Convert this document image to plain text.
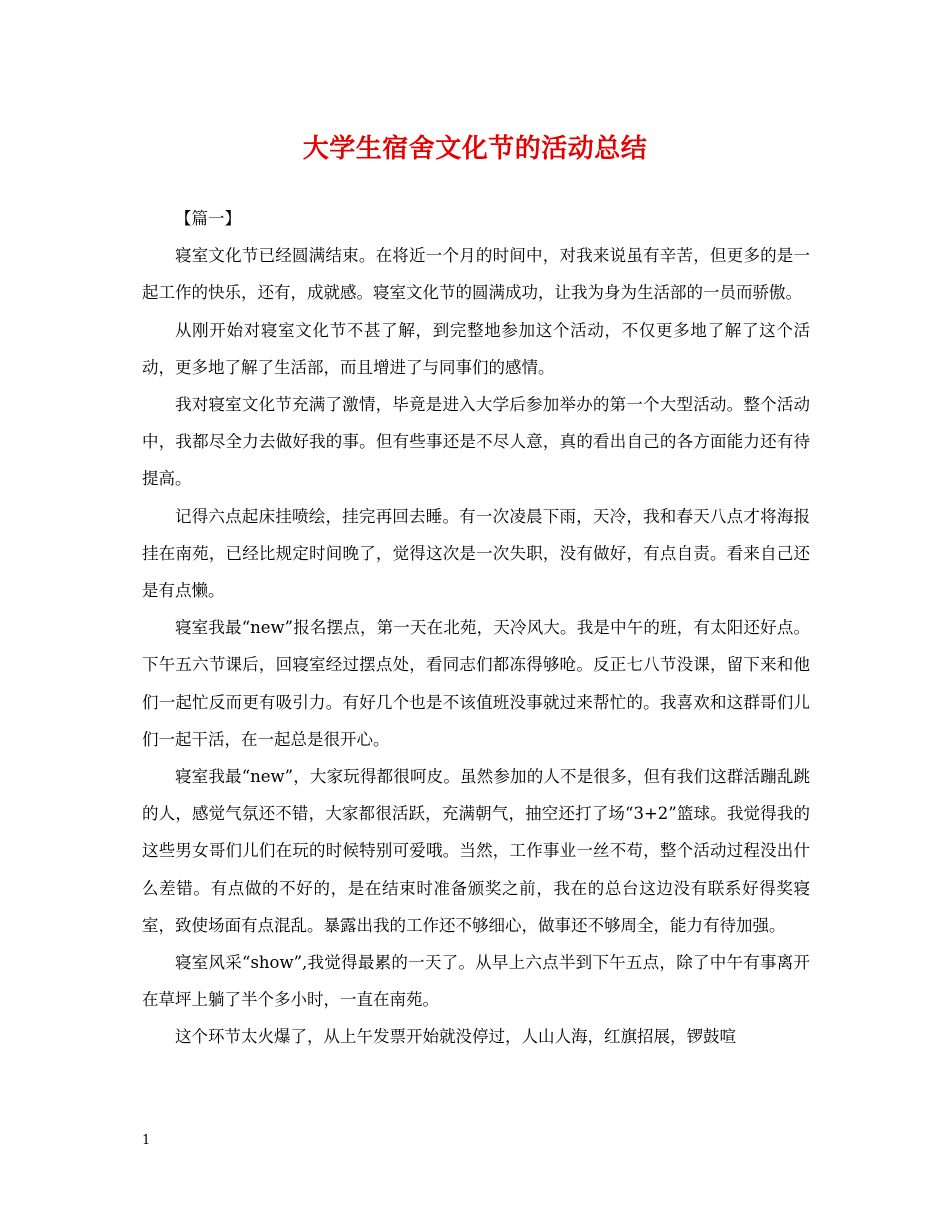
大学生宿舍文化节的活动总结

【篇一】

寝室文化节已经圆满结束。在将近一个月的时间中，对我来说虽有辛苦，但更多的是一起工作的快乐，还有，成就感。寝室文化节的圆满成功，让我为身为生活部的一员而骄傲。

从刚开始对寝室文化节不甚了解，到完整地参加这个活动，不仅更多地了解了这个活动，更多地了解了生活部，而且增进了与同事们的感情。

我对寝室文化节充满了激情，毕竟是进入大学后参加举办的第一个大型活动。整个活动中，我都尽全力去做好我的事。但有些事还是不尽人意，真的看出自己的各方面能力还有待提高。

记得六点起床挂喷绘，挂完再回去睡。有一次凌晨下雨，天冷，我和春天八点才将海报挂在南苑，已经比规定时间晚了，觉得这次是一次失职，没有做好，有点自责。看来自己还是有点懒。

寝室我最“new”报名摆点，第一天在北苑，天冷风大。我是中午的班，有太阳还好点。下午五六节课后，回寝室经过摆点处，看同志们都冻得够呛。反正七八节没课，留下来和他们一起忙反而更有吸引力。有好几个也是不该值班没事就过来帮忙的。我喜欢和这群哥们儿们一起干活，在一起总是很开心。

寝室我最“new”，大家玩得都很呵皮。虽然参加的人不是很多，但有我们这群活蹦乱跳的人，感觉气氛还不错，大家都很活跃，充满朝气，抽空还打了场“3+2”篮球。我觉得我的这些男女哥们儿们在玩的时候特别可爱哦。当然，工作事业一丝不苟，整个活动过程没出什么差错。有点做的不好的，是在结束时准备颁奖之前，我在的总台这边没有联系好得奖寝室，致使场面有点混乱。暴露出我的工作还不够细心，做事还不够周全，能力有待加强。

寝室风采“show”,我觉得最累的一天了。从早上六点半到下午五点，除了中午有事离开在草坪上躺了半个多小时，一直在南苑。

这个环节太火爆了，从上午发票开始就没停过，人山人海，红旗招展，锣鼓喧

1
